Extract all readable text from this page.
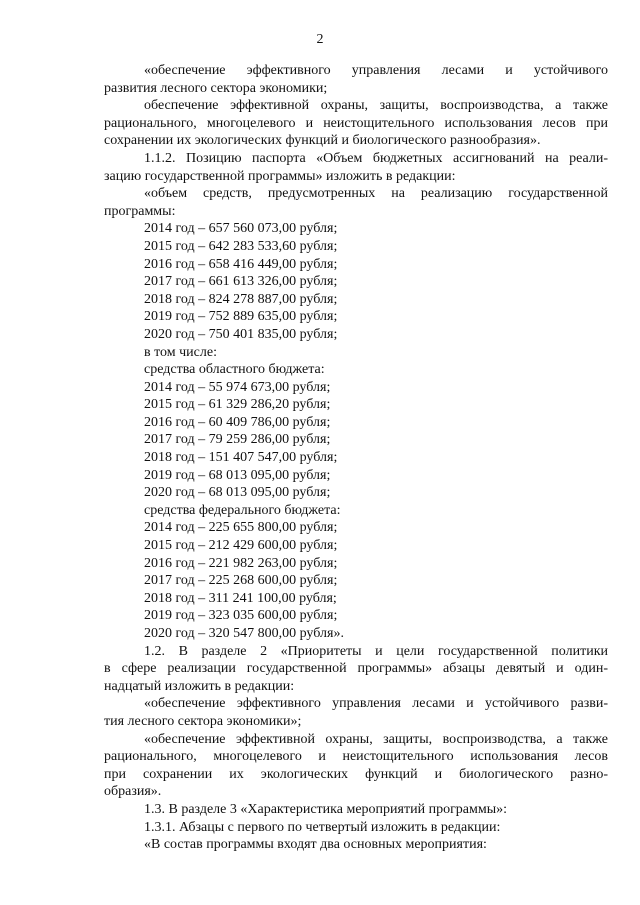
2

«обеспечение эффективного управления лесами и устойчивого

развития лесного сектора экономики;

обеспечение эффективной охраны, защиты, воспроизводства, а также

рационального, многоцелевого и неистощительного использования лесов при

сохранении их экологических функций и биологического разнообразия».

1.1.2. Позицию паспорта «Объем бюджетных ассигнований на реали-

зацию государственной программы» изложить в редакции:

«объем средств, предусмотренных на реализацию государственной

программы:

2014 год – 657 560 073,00 рубля;

2015 год – 642 283 533,60 рубля;

2016 год – 658 416 449,00 рубля;

2017 год – 661 613 326,00 рубля;

2018 год – 824 278 887,00 рубля;

2019 год – 752 889 635,00 рубля;

2020 год – 750 401 835,00 рубля;

в том числе:

средства областного бюджета:

2014 год – 55 974 673,00 рубля;

2015 год – 61 329 286,20 рубля;

2016 год – 60 409 786,00 рубля;

2017 год – 79 259 286,00 рубля;

2018 год – 151 407 547,00 рубля;

2019 год – 68 013 095,00 рубля;

2020 год – 68 013 095,00 рубля;

средства федерального бюджета:

2014 год – 225 655 800,00 рубля;

2015 год – 212 429 600,00 рубля;

2016 год – 221 982 263,00 рубля;

2017 год – 225 268 600,00 рубля;

2018 год – 311 241 100,00 рубля;

2019 год – 323 035 600,00 рубля;

2020 год – 320 547 800,00 рубля».

1.2. В разделе 2 «Приоритеты и цели государственной политики

в сфере реализации государственной программы» абзацы девятый и один-

надцатый изложить в редакции:

«обеспечение эффективного управления лесами и устойчивого разви-

тия лесного сектора экономики»;

«обеспечение эффективной охраны, защиты, воспроизводства, а также

рационального, многоцелевого и неистощительного использования лесов

при сохранении их экологических функций и биологического разно-

образия».

1.3. В разделе 3 «Характеристика мероприятий программы»:

1.3.1. Абзацы с первого по четвертый изложить в редакции:

«В состав программы входят два основных мероприятия:
